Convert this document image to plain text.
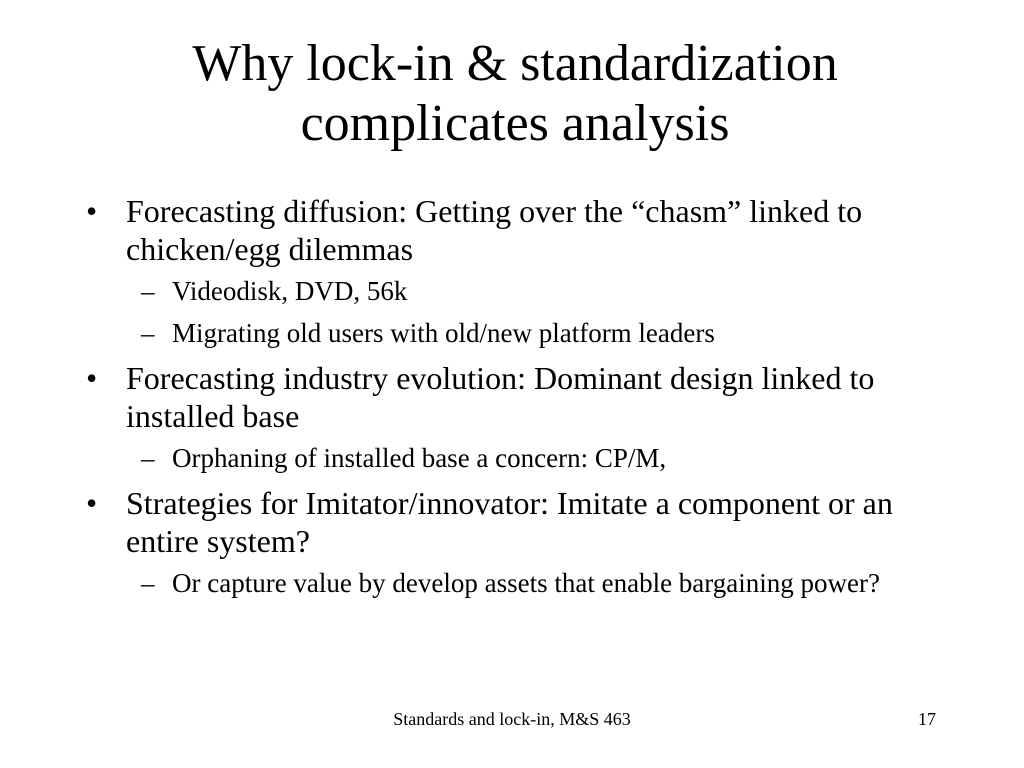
Why lock-in & standardization
complicates analysis
• Forecasting diffusion: Getting over the “chasm” linked to chicken/egg dilemmas
– Videodisk, DVD, 56k
– Migrating old users with old/new platform leaders
• Forecasting industry evolution: Dominant design linked to installed base
– Orphaning of installed base a concern: CP/M,
• Strategies for Imitator/innovator: Imitate a component or an entire system?
– Or capture value by develop assets that enable bargaining power?
Standards and lock-in, M&S 463	17
